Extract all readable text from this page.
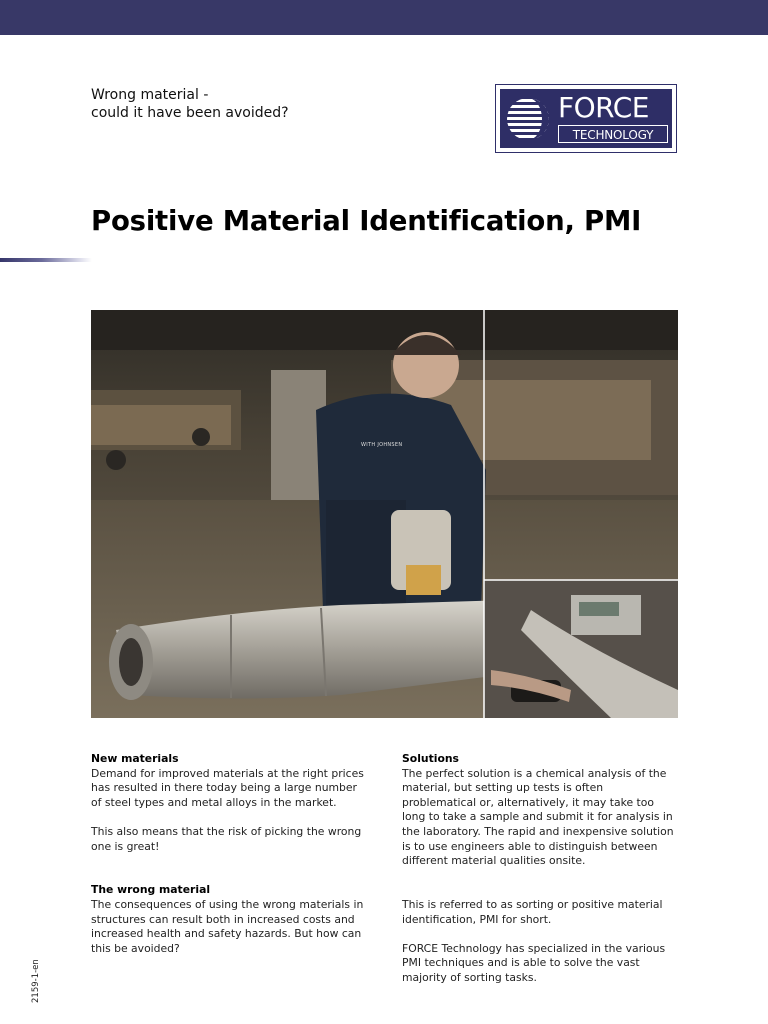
Wrong material -
could it have been avoided?	FORCE
TECHNOLOGY
Positive Material Identification, PMI
WITH JOHNSEN
New materials

Demand for improved materials at the right prices has resulted in there today being a large number of steel types and metal alloys in the market.

This also means that the risk of picking the wrong one is great!

The wrong material

The consequences of using the wrong materials in structures can result both in increased costs and increased health and safety hazards. But how can this be avoided?

Solutions

The perfect solution is a chemical analysis of the material, but setting up tests is often problematical or, alternatively, it may take too long to take a sample and submit it for analysis in the laboratory. The rapid and inexpensive solution is to use engineers able to distinguish between different material qualities onsite.

This is referred to as sorting or positive material identification, PMI for short.

FORCE Technology has specialized in the various PMI techniques and is able to solve the vast majority of sorting tasks.

2159-1-en
